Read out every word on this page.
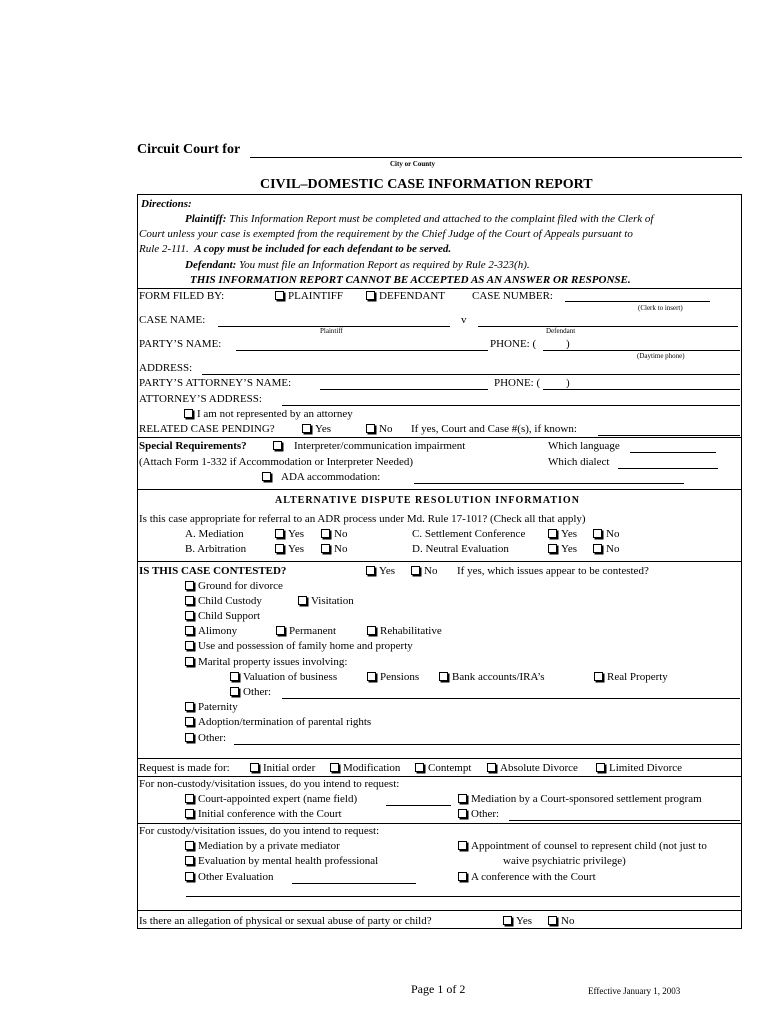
Circuit Court for
City or County
CIVIL–DOMESTIC CASE INFORMATION REPORT
Directions:
Plaintiff: This Information Report must be completed and attached to the complaint filed with the Clerk of
Court unless your case is exempted from the requirement by the Chief Judge of the Court of Appeals pursuant to
Rule 2-111. A copy must be included for each defendant to be served.
Defendant: You must file an Information Report as required by Rule 2-323(h).
THIS INFORMATION REPORT CANNOT BE ACCEPTED AS AN ANSWER OR RESPONSE.
FORM FILED BY:	PLAINTIFF	DEFENDANT CASE NUMBER:
(Clerk to insert)
CASE NAME:	v
Plaintiff	Defendant
PARTY’S NAME:	PHONE: (	)
(Daytime phone)
ADDRESS:
PARTY’S ATTORNEY’S NAME:	PHONE: ( )
ATTORNEY’S ADDRESS:
I am not represented by an attorney
RELATED CASE PENDING?	Yes	No If yes, Court and Case #(s), if known:
Special Requirements?	Interpreter/communication impairment	Which language
(Attach Form 1-332 if Accommodation or Interpreter Needed)	Which dialect
ADA accommodation:
ALTERNATIVE DISPUTE RESOLUTION INFORMATION
Is this case appropriate for referral to an ADR process under Md. Rule 17-101? (Check all that apply)
A. Mediation	Yes	No	C. Settlement Conference	Yes	No
B. Arbitration	Yes	No	D. Neutral Evaluation	Yes	No
IS THIS CASE CONTESTED?	Yes	No If yes, which issues appear to be contested?
Ground for divorce
Child Custody	Visitation
Child Support
Alimony	Permanent	Rehabilitative
Use and possession of family home and property
Marital property issues involving:
Valuation of business	Pensions	Bank accounts/IRA’s	Real Property
Other:
Paternity
Adoption/termination of parental rights
Other:
Request is made for:	Initial order	Modification	Contempt	Absolute Divorce	Limited Divorce
For non-custody/visitation issues, do you intend to request:
Court-appointed expert (name field)	Mediation by a Court-sponsored settlement program
Initial conference with the Court	Other:
For custody/visitation issues, do you intend to request:
Mediation by a private mediator	Appointment of counsel to represent child (not just to
Evaluation by mental health professional	waive psychiatric privilege)
Other Evaluation	A conference with the Court
Is there an allegation of physical or sexual abuse of party or child?	Yes	No
Page 1 of 2	Effective January 1, 2003
